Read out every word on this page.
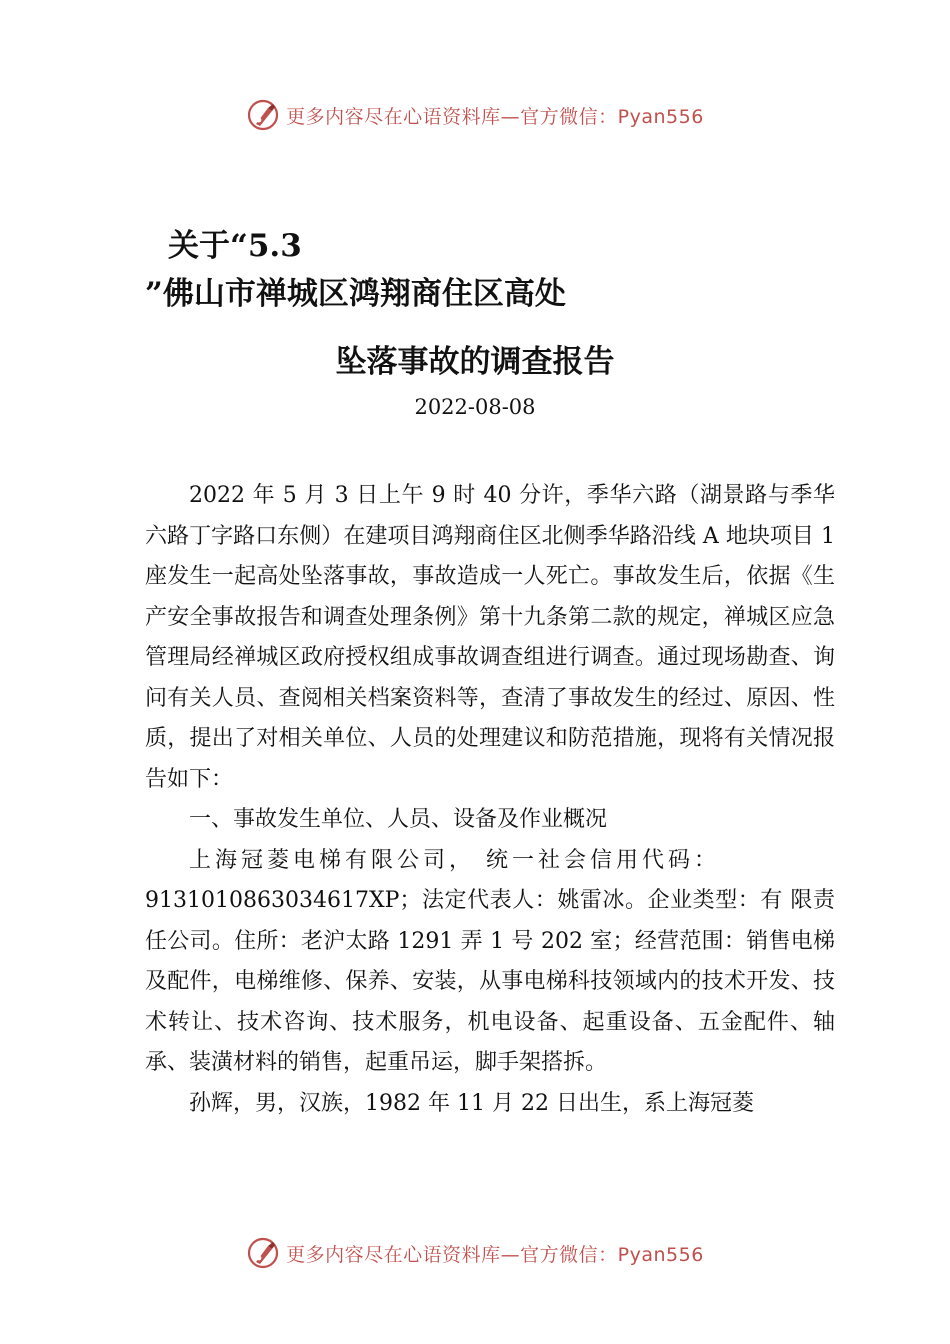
更多内容尽在心语资料库—官方微信：Pyan556
关于“5.3
”佛山市禅城区鸿翔商住区高处
坠落事故的调查报告
2022-08-08

2022 年 5 月 3 日上午 9 时 40 分许，季华六路（湖景路与季华六路丁字路口东侧）在建项目鸿翔商住区北侧季华路沿线 A 地块项目 1 座发生一起高处坠落事故，事故造成一人死亡。事故发生后，依据《生产安全事故报告和调查处理条例》第十九条第二款的规定，禅城区应急管理局经禅城区政府授权组成事故调查组进行调查。通过现场勘查、询问有关人员、查阅相关档案资料等，查清了事故发生的经过、原因、性质，提出了对相关单位、人员的处理建议和防范措施，现将有关情况报告如下：

一、事故发生单位、人员、设备及作业概况

上海冠菱电梯有限公司， 统一社会信用代码：

9131010863034617XP；法定代表人：姚雷冰。企业类型：有 限责任公司。住所：老沪太路 1291 弄 1 号 202 室；经营范围：销售电梯及配件，电梯维修、保养、安装，从事电梯科技领域内的技术开发、技术转让、技术咨询、技术服务，机电设备、起重设备、五金配件、轴承、装潢材料的销售，起重吊运，脚手架搭拆。

孙辉，男，汉族，1982 年 11 月 22 日出生，系上海冠菱

更多内容尽在心语资料库—官方微信：Pyan556
